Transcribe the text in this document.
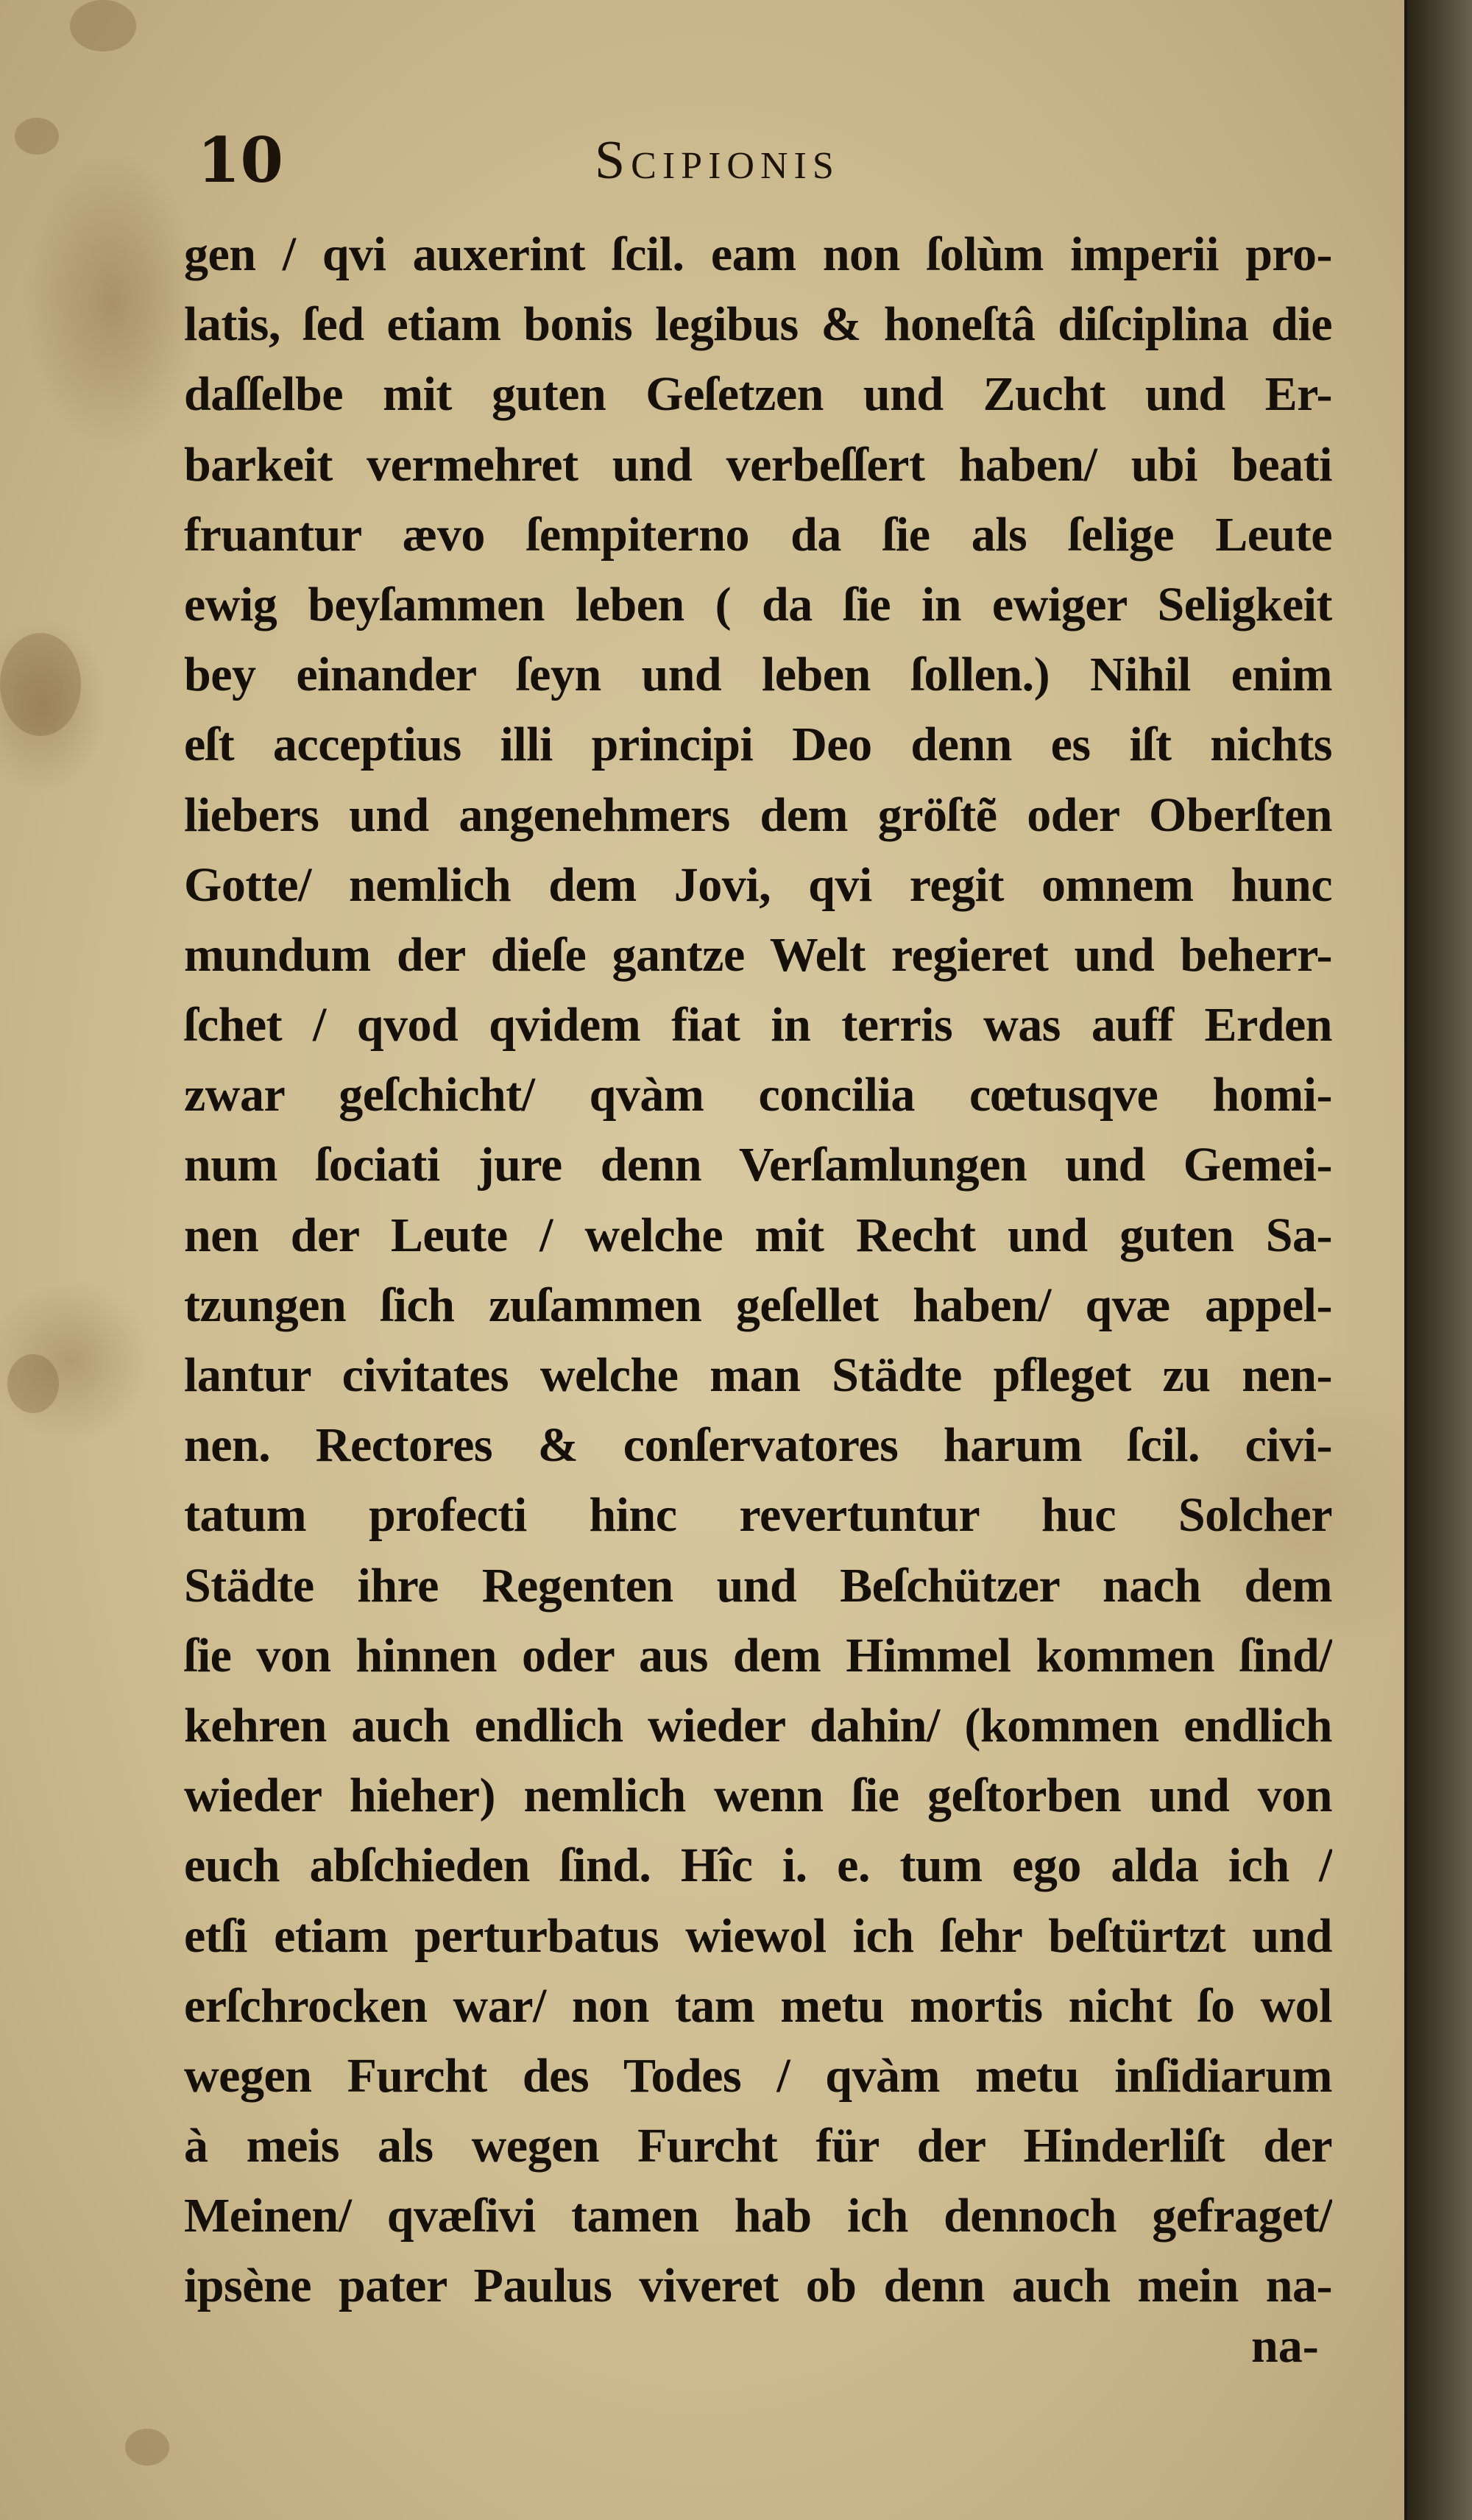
10	Scipionis
gen / qvi auxerint ſcil. eam non ſolùm imperii pro-
latis, ſed etiam bonis legibus & honeſtâ diſciplina die
daſſelbe mit guten Geſetzen und Zucht und Er-
barkeit vermehret und verbeſſert haben/ ubi beati
fruantur ævo ſempiterno da ſie als ſelige Leute
ewig beyſammen leben ( da ſie in ewiger Seligkeit
bey einander ſeyn und leben ſollen.) Nihil enim
eſt acceptius illi principi Deo denn es iſt nichts
liebers und angenehmers dem gröſtẽ oder Oberſten
Gotte/ nemlich dem Jovi, qvi regit omnem hunc
mundum der dieſe gantze Welt regieret und beherr-
ſchet / qvod qvidem fiat in terris was auff Erden
zwar geſchicht/ qvàm concilia cœtusqve homi-
num ſociati jure denn Verſamlungen und Gemei-
nen der Leute / welche mit Recht und guten Sa-
tzungen ſich zuſammen geſellet haben/ qvæ appel-
lantur civitates welche man Städte pfleget zu nen-
nen. Rectores & conſervatores harum ſcil. civi-
tatum profecti hinc revertuntur huc Solcher
Städte ihre Regenten und Beſchützer nach dem
ſie von hinnen oder aus dem Himmel kommen ſind/
kehren auch endlich wieder dahin/ (kommen endlich
wieder hieher) nemlich wenn ſie geſtorben und von
euch abſchieden ſind. Hîc i. e. tum ego alda ich /
etſi etiam perturbatus wiewol ich ſehr beſtürtzt und
erſchrocken war/ non tam metu mortis nicht ſo wol
wegen Furcht des Todes / qvàm metu inſidiarum
à meis als wegen Furcht für der Hinderliſt der
Meinen/ qvæſivi tamen hab ich dennoch gefraget/
ipsène pater Paulus viveret ob denn auch mein na-
na-
